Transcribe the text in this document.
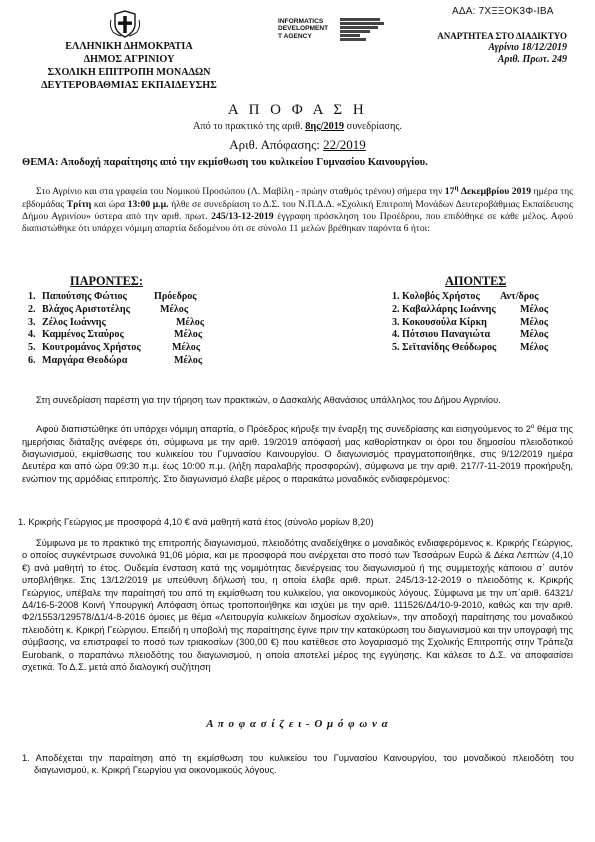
ΑΔΑ: 7ΧΞΞΟΚ3Φ-ΙΒΑ
ΕΛΛΗΝΙΚΗ ΔΗΜΟΚΡΑΤΙΑ
ΔΗΜΟΣ ΑΓΡΙΝΙΟΥ
ΣΧΟΛΙΚΗ ΕΠΙΤΡΟΠΗ ΜΟΝΑΔΩΝ
ΔΕΥΤΕΡΟΒΑΘΜΙΑΣ ΕΚΠΑΙΔΕΥΣΗΣ
INFORMATICS
DEVELOPMENT
T AGENCY	ΑΝΑΡΤΗΤΕΑ ΣΤΟ ΔΙΑΔΙΚΤΥΟ
Αγρίνιο 18/12/2019
Αριθ. Πρωτ. 249
Α Π Ο Φ Α Σ Η
Από το πρακτικό της αριθ. 8ης/2019 συνεδρίασης.
Αριθ. Απόφασης: 22/2019
ΘΕΜΑ: Αποδοχή παραίτησης από την εκμίσθωση του κυλικείου Γυμνασίου Καινουργίου.

Στο Αγρίνιο και στα γραφεία του Νομικού Προσώπου (Λ. Μαβίλη - πρώην σταθμός τρένου) σήμερα την $17^\eta$ Δεκεμβρίου 2019 ημέρα της εβδομάδας Τρίτη και ώρα 13:00 μ.μ. ήλθε σε συνεδρίαση το Δ.Σ. του Ν.Π.Δ.Δ. «Σχολική Επιτροπή Μονάδων Δευτεροβάθμιας Εκπαίδευσης Δήμου Αγρινίου» ύστερα από την αριθ. πρωτ. 245/13-12-2019 έγγραφη πρόσκληση του Προέδρου, που επιδόθηκε σε κάθε μέλος. Αφού διαπιστώθηκε ότι υπάρχει νόμιμη απαρτία δεδομένου ότι σε σύνολο 11 μελών βρέθηκαν παρόντα 6 ήτοι:

ΠΑΡΟΝΤΕΣ:
1. Παπούτσης Φώτιος	Πρόεδρος
2. Βλάχος Αριστοτέλης	Μέλος
3. Ζέλος Ιωάννης	Μέλος
4. Καμμένος Σταύρος	Μέλος
5. Κουτρομάνος Χρήστος	Μέλος
6. Μαργάρα Θεοδώρα	Μέλος
ΑΠΟΝΤΕΣ
1. Κολοβός Χρήστος Αντ/δρος
2. Καβαλλάρης Ιωάννης Μέλος
3. Κοκουσούλα Κίρκη	Μέλος
4. Πότσιου Παναγιώτα	Μέλος
5. Σεϊτανίδης Θεόδωρος Μέλος

Στη συνεδρίαση παρέστη για την τήρηση των πρακτικών, ο Δασκαλής Αθανάσιος υπάλληλος του Δήμου Αγρινίου.

Αφού διαπιστώθηκε ότι υπάρχει νόμιμη απαρτία, ο Πρόεδρος κήρυξε την έναρξη της συνεδρίασης και εισηγούμενος το $2^o$ θέμα της ημερήσιας διάταξης ανέφερε ότι, σύμφωνα με την αριθ. 19/2019 απόφασή μας καθορίστηκαν οι όροι του δημοσίου πλειοδοτικού διαγωνισμού, εκμίσθωσης του κυλικείου του Γυμνασίου Καινουργίου. Ο διαγωνισμός πραγματοποιήθηκε, στις 9/12/2019 ημέρα Δευτέρα και από ώρα 09:30 π.μ. έως 10:00 π.μ. (λήξη παραλαβής προσφορών), σύμφωνα με την αριθ. 217/7-11-2019 προκήρυξη, ενώπιον της αρμόδιας επιτροπής. Στο διαγωνισμό έλαβε μέρος ο παρακάτω μοναδικός ενδιαφερόμενος:

1. Κρικρής Γεώργιος με προσφορά 4,10 € ανά μαθητή κατά έτος (σύνολο μορίων 8,20)

Σύμφωνα με το πρακτικό της επιτροπής διαγωνισμού, πλειοδότης αναδείχθηκε ο μοναδικός ενδιαφερόμενος κ. Κρικρής Γεώργιος, ο οποίος συγκέντρωσε συνολικά 91,06 μόρια, και με προσφορά που ανέρχεται στο ποσό των Τεσσάρων Ευρώ & Δέκα Λεπτών (4,10 €) ανά μαθητή το έτος. Ουδεμία ένσταση κατά της νομιμότητας διενέργειας του διαγωνισμού ή της συμμετοχής κάποιου σ΄ αυτόν υποβλήθηκε. Στις 13/12/2019 με υπεύθυνη δήλωσή του, η οποία έλαβε αριθ. πρωτ. 245/13-12-2019 ο πλειοδότης κ. Κρικρής Γεώργιος, υπέβαλε την παραίτησή του από τη εκμίσθωση του κυλικείου, για οικονομικούς λόγους. Σύμφωνα με την υπ΄αριθ. 64321/Δ4/16-5-2008 Κοινή Υπουργική Απόφαση όπως τροποποιήθηκε και ισχύει με την αριθ. 111526/Δ4/10-9-2010, καθώς και την αριθ. Φ2/1553/129578/Δ1/4-8-2016 όμοιες με θέμα «Λειτουργία κυλικείων δημοσίων σχολείων», την αποδοχή παραίτησης του μοναδικού πλειοδότη κ. Κρικρή Γεώργιου. Επειδή η υποβολή της παραίτησης έγινε πριν την κατακύρωση του διαγωνισμού και την υπογραφή της σύμβασης, να επιστραφεί το ποσό των τριακοσίων (300,00 €) που κατέθεσε στο λογαριασμό της Σχολικής Επιτροπής στην Τράπεζα Eurobank, ο παραπάνω πλειοδότης του διαγωνισμού, η οποία αποτελεί μέρος της εγγύησης. Και κάλεσε το Δ.Σ. να αποφασίσει σχετικά. Το Δ.Σ. μετά από διαλογική συζήτηση

Α π ο φ α σ ί ζ ε ι - Ο μ ό φ ω ν α

1. Αποδέχεται την παραίτηση από τη εκμίσθωση του κυλικείου του Γυμνασίου Καινουργίου, του μοναδικού πλειοδότη του διαγωνισμού, κ. Κρικρή Γεωργίου για οικονομικούς λόγους.
